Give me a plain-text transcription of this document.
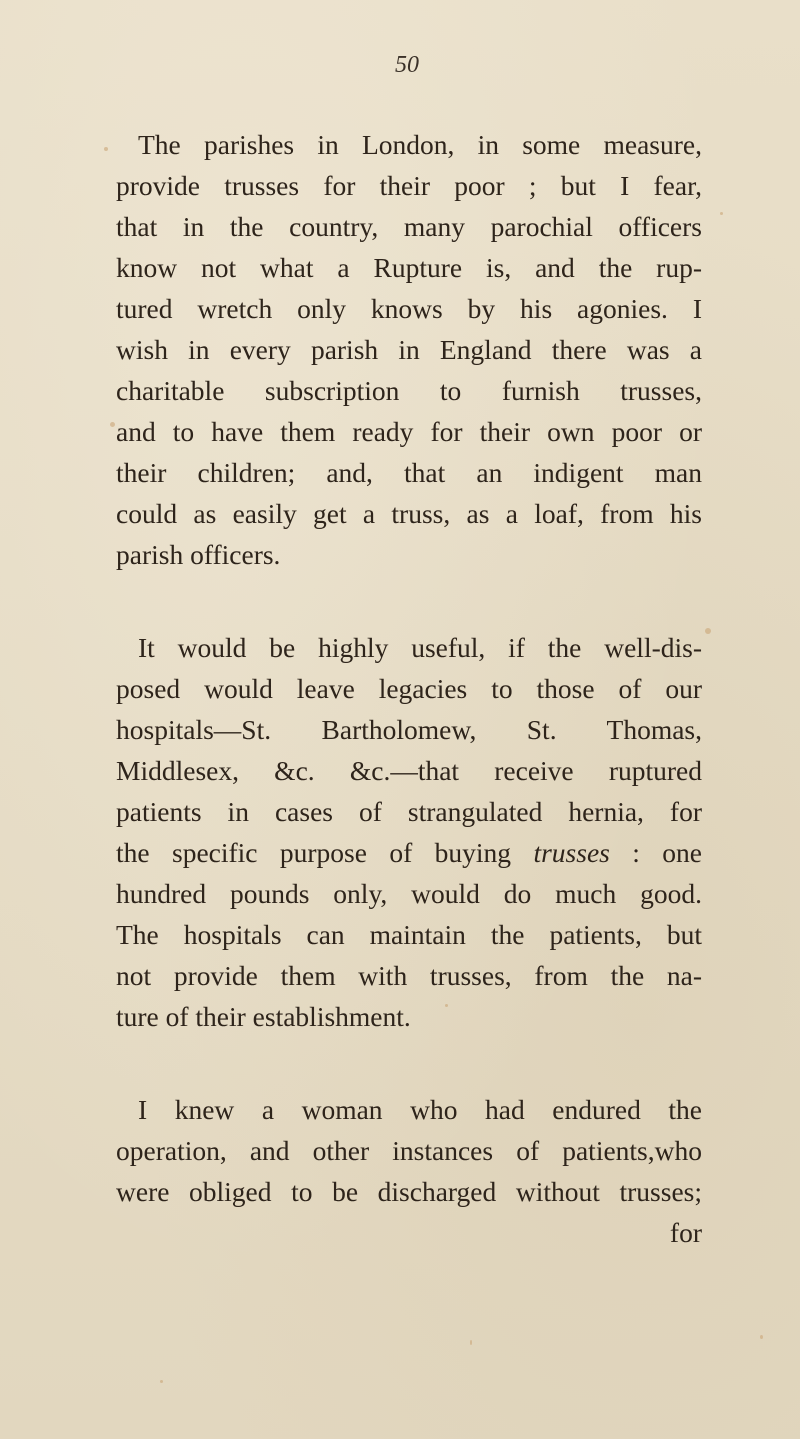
50
The parishes in London, in some measure,
provide trusses for their poor ; but I fear,
that in the country, many parochial officers
know not what a Rupture is, and the rup-
tured wretch only knows by his agonies. I
wish in every parish in England there was a
charitable subscription to furnish trusses,
and to have them ready for their own poor or
their children; and, that an indigent man
could as easily get a truss, as a loaf, from his
parish officers.
It would be highly useful, if the well-dis-
posed would leave legacies to those of our
hospitals—St. Bartholomew, St. Thomas,
Middlesex, &c. &c.—that receive ruptured
patients in cases of strangulated hernia, for
the specific purpose of buying trusses : one
hundred pounds only, would do much good.
The hospitals can maintain the patients, but
not provide them with trusses, from the na-
ture of their establishment.
I knew a woman who had endured the
operation, and other instances of patients,who
were obliged to be discharged without trusses;
for
